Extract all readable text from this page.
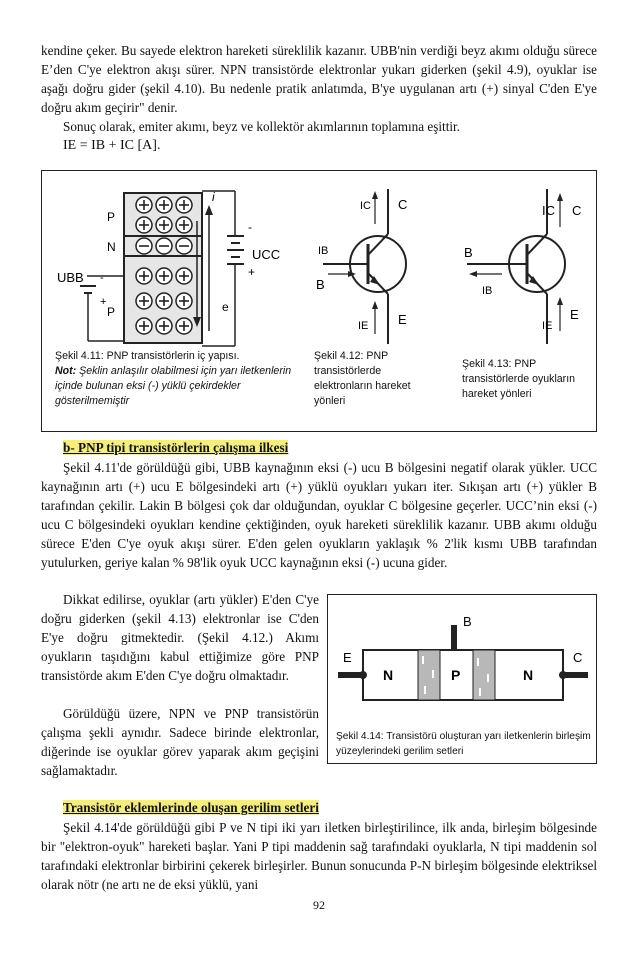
kendine çeker. Bu sayede elektron hareketi süreklilik kazanır. UBB'nin verdiği beyz akımı olduğu sürece E’den C'ye elektron akışı sürer. NPN transistörde elektronlar yukarı giderken (şekil 4.9), oyuklar ise aşağı doğru gider (şekil 4.10). Bu nedenle pratik anlatımda, B'ye uygulanan artı (+) sinyal C'den E'ye doğru akım geçirir" denir.
Sonuç olarak, emiter akımı, beyz ve kollektör akımlarının toplamına eşittir.
IE = IB + IC [A].
i
-
+
UCC
UBB -
+
P
N
P	e
IC C
IB
B
IE E
IC C
B
IB
E
IE
Şekil 4.11: PNP transistörlerin iç yapısı.
Not: Şeklin anlaşılır olabilmesi için yarı iletkenlerin içinde bulunan eksi (-) yüklü çekirdekler gösterilmemiştir
Şekil 4.12: PNP transistörlerde elektronların hareket yönleri
Şekil 4.13: PNP transistörlerde oyukların hareket yönleri
b- PNP tipi transistörlerin çalışma ilkesi
Şekil 4.11'de görüldüğü gibi, UBB kaynağının eksi (-) ucu B bölgesini negatif olarak yükler. UCC kaynağının artı (+) ucu E bölgesindeki artı (+) yüklü oyukları yukarı iter. Sıkışan artı (+) yükler B tarafından çekilir. Lakin B bölgesi çok dar olduğundan, oyuklar C bölgesine geçerler. UCC’nin eksi (-) ucu C bölgesindeki oyukları kendine çektiğinden, oyuk hareketi süreklilik kazanır. UBB akımı olduğu sürece E'den C'ye oyuk akışı sürer. E'den gelen oyukların yaklaşık % 2'lik kısmı UBB tarafından yutulurken, geriye kalan % 98'lik oyuk UCC kaynağının eksi (-) ucuna gider.
Dikkat edilirse, oyuklar (artı yükler) E'den C'ye doğru giderken (şekil 4.13) elektronlar ise C'den E'ye doğru gitmektedir. (Şekil 4.12.) Akımı oyukların taşıdığını kabul ettiğimize göre PNP transistörde akım E'den C'ye doğru olmaktadır.
Görüldüğü üzere, NPN ve PNP transistörün çalışma şekli aynıdır. Sadece birinde elektronlar, diğerinde ise oyuklar görev yaparak akım geçişini sağlamaktadır.
B
E	C
N	P	N
Şekil 4.14: Transistörü oluşturan yarı iletkenlerin birleşim yüzeylerindeki gerilim setleri
Transistör eklemlerinde oluşan gerilim setleri
Şekil 4.14'de görüldüğü gibi P ve N tipi iki yarı iletken birleştirilince, ilk anda, birleşim bölgesinde bir "elektron-oyuk" hareketi başlar. Yani P tipi maddenin sağ tarafındaki oyuklarla, N tipi maddenin sol tarafındaki elektronlar birbirini çekerek birleşirler. Bunun sonucunda P-N birleşim bölgesinde elektriksel olarak nötr (ne artı ne de eksi yüklü, yani
92
